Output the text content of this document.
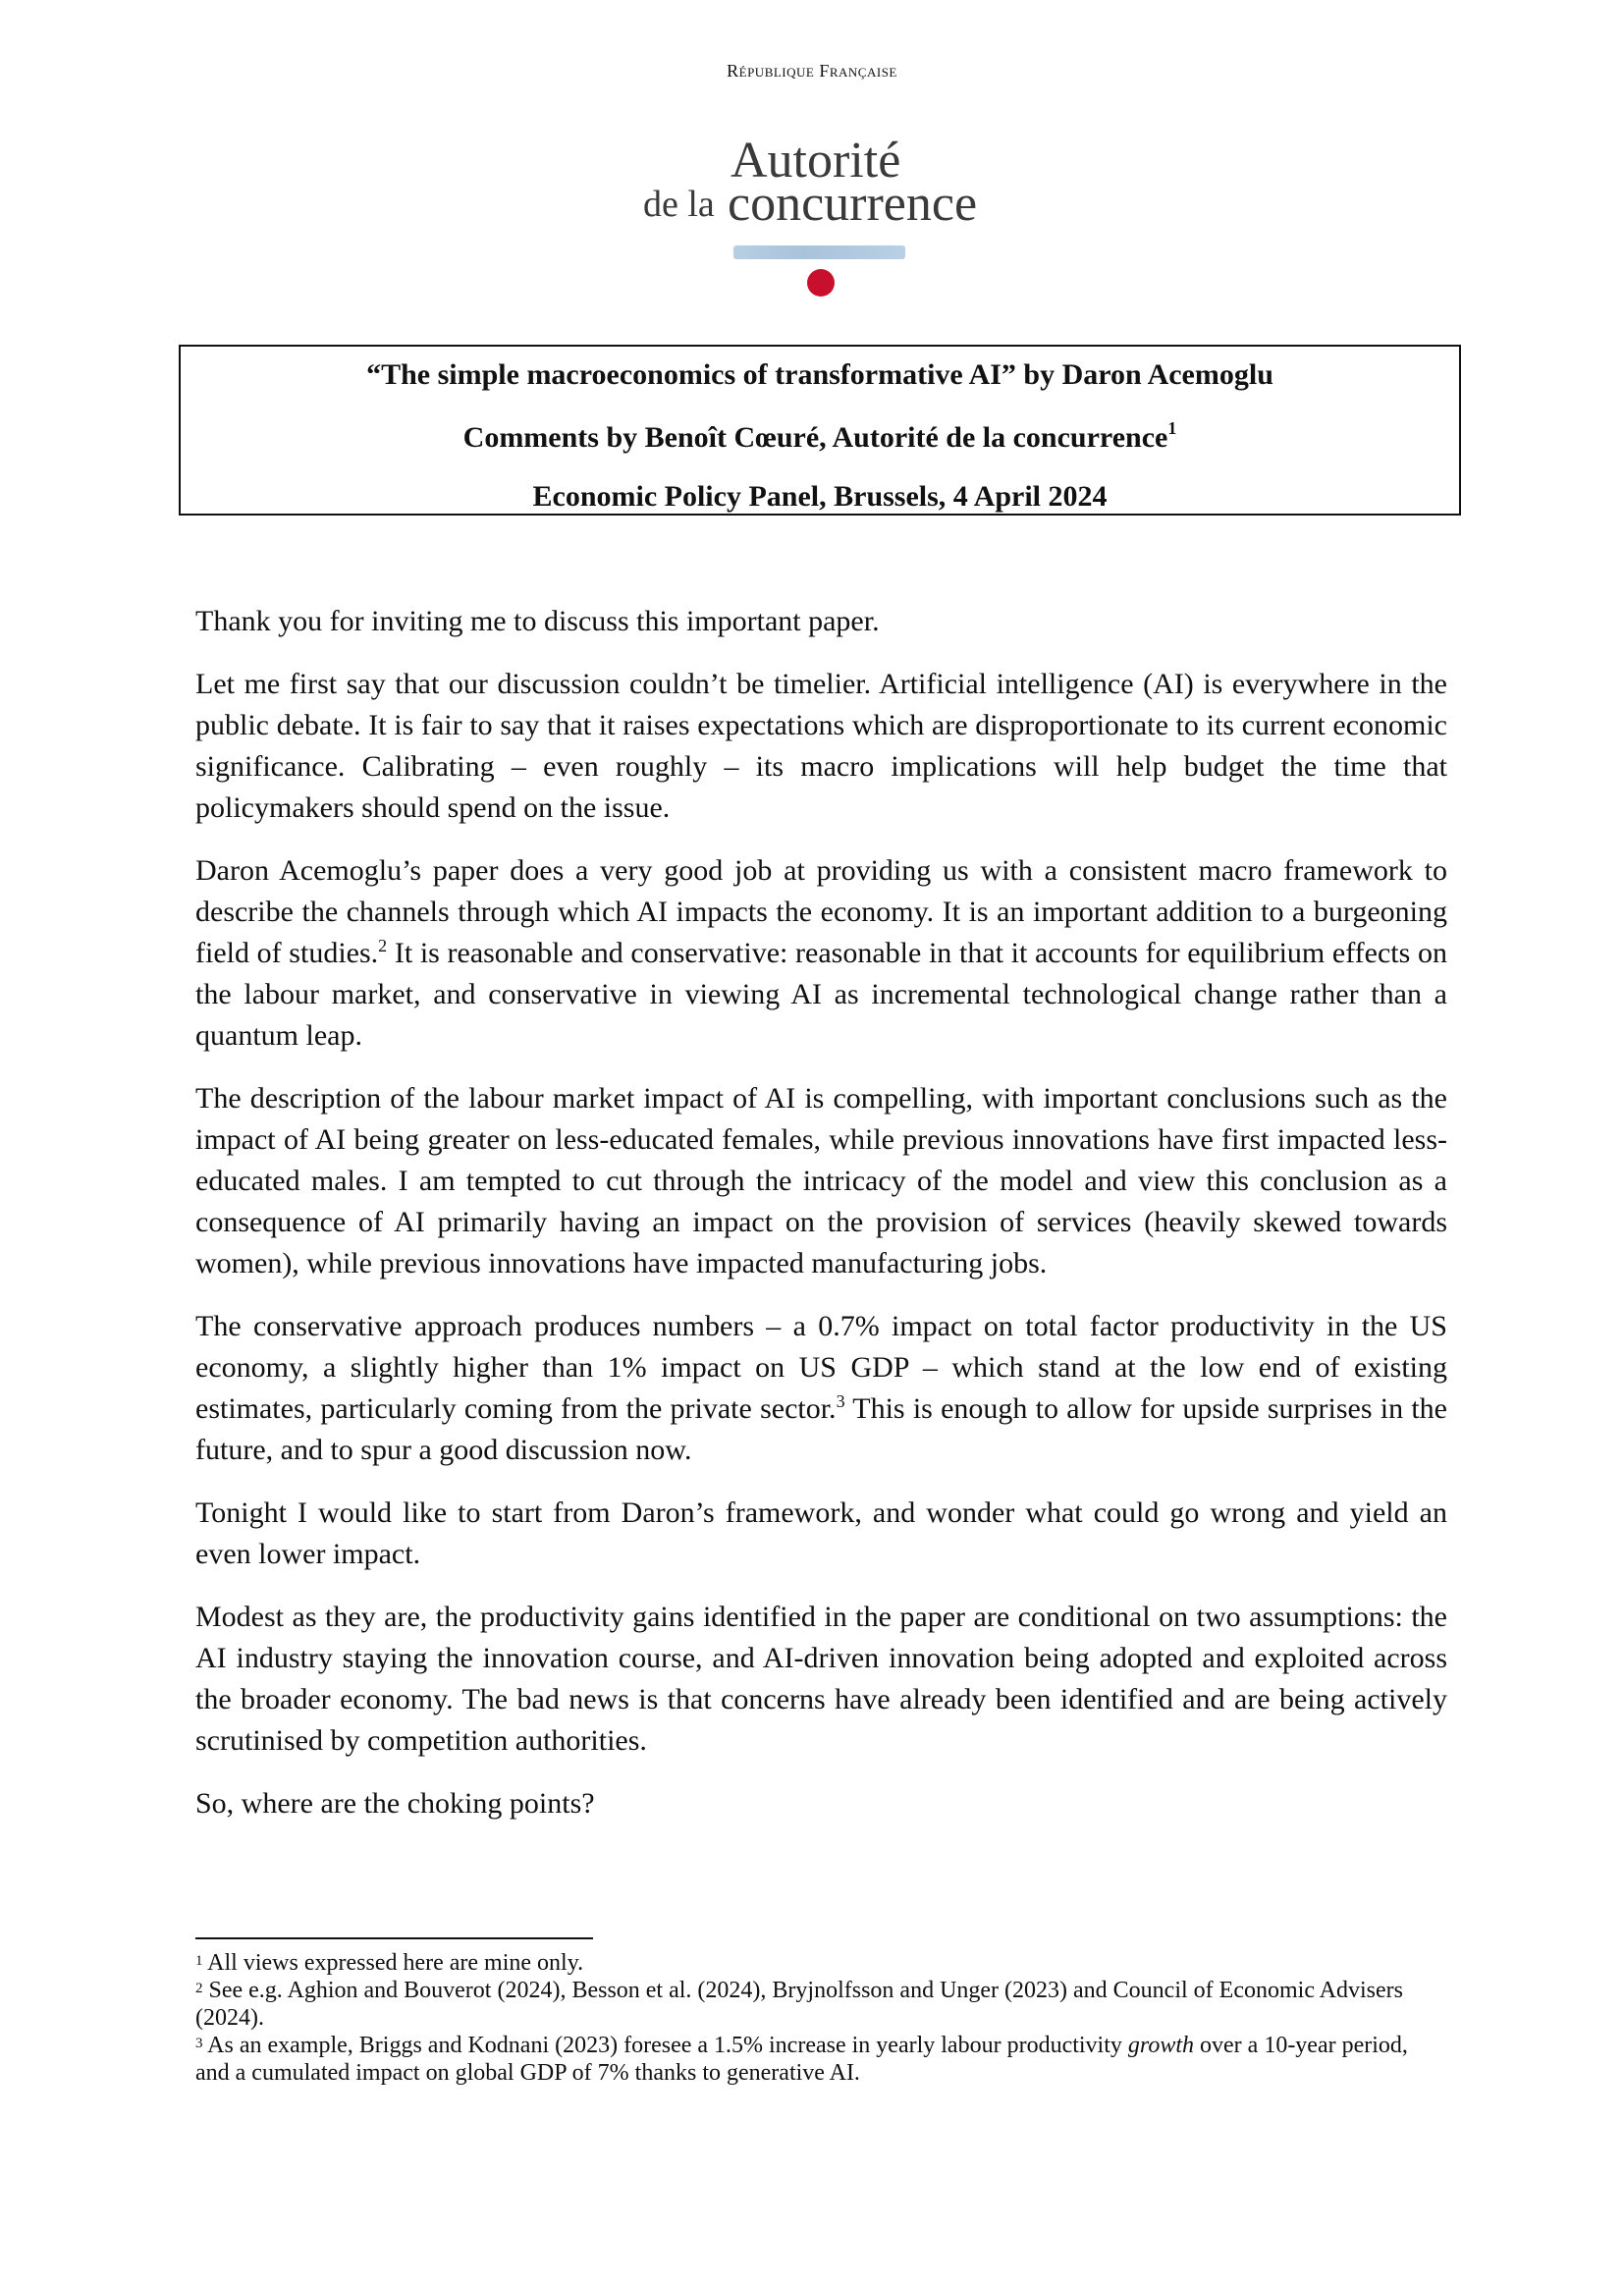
République Française
Autorité
de la concurrence
“The simple macroeconomics of transformative AI” by Daron Acemoglu
Comments by Benoît Cœuré, Autorité de la concurrence$^1$
Economic Policy Panel, Brussels, 4 April 2024

Thank you for inviting me to discuss this important paper.

Let me first say that our discussion couldn’t be timelier. Artificial intelligence (AI) is everywhere in the public debate. It is fair to say that it raises expectations which are disproportionate to its current economic significance. Calibrating – even roughly – its macro implications will help budget the time that policymakers should spend on the issue.

Daron Acemoglu’s paper does a very good job at providing us with a consistent macro framework to describe the channels through which AI impacts the economy. It is an important addition to a burgeoning field of studies.$^2$ It is reasonable and conservative: reasonable in that it accounts for equilibrium effects on the labour market, and conservative in viewing AI as incremental technological change rather than a quantum leap.

The description of the labour market impact of AI is compelling, with important conclusions such as the impact of AI being greater on less-educated females, while previous innovations have first impacted less-educated males. I am tempted to cut through the intricacy of the model and view this conclusion as a consequence of AI primarily having an impact on the provision of services (heavily skewed towards women), while previous innovations have impacted manufacturing jobs.

The conservative approach produces numbers – a 0.7% impact on total factor productivity in the US economy, a slightly higher than 1% impact on US GDP – which stand at the low end of existing estimates, particularly coming from the private sector.$^3$ This is enough to allow for upside surprises in the future, and to spur a good discussion now.

Tonight I would like to start from Daron’s framework, and wonder what could go wrong and yield an even lower impact.

Modest as they are, the productivity gains identified in the paper are conditional on two assumptions: the AI industry staying the innovation course, and AI-driven innovation being adopted and exploited across the broader economy. The bad news is that concerns have already been identified and are being actively scrutinised by competition authorities.

So, where are the choking points?

$^1$ All views expressed here are mine only.

$^2$ See e.g. Aghion and Bouverot (2024), Besson et al. (2024), Bryjnolfsson and Unger (2023) and Council of Economic Advisers (2024).

$^3$ As an example, Briggs and Kodnani (2023) foresee a 1.5% increase in yearly labour productivity growth over a 10-year period, and a cumulated impact on global GDP of 7% thanks to generative AI.
